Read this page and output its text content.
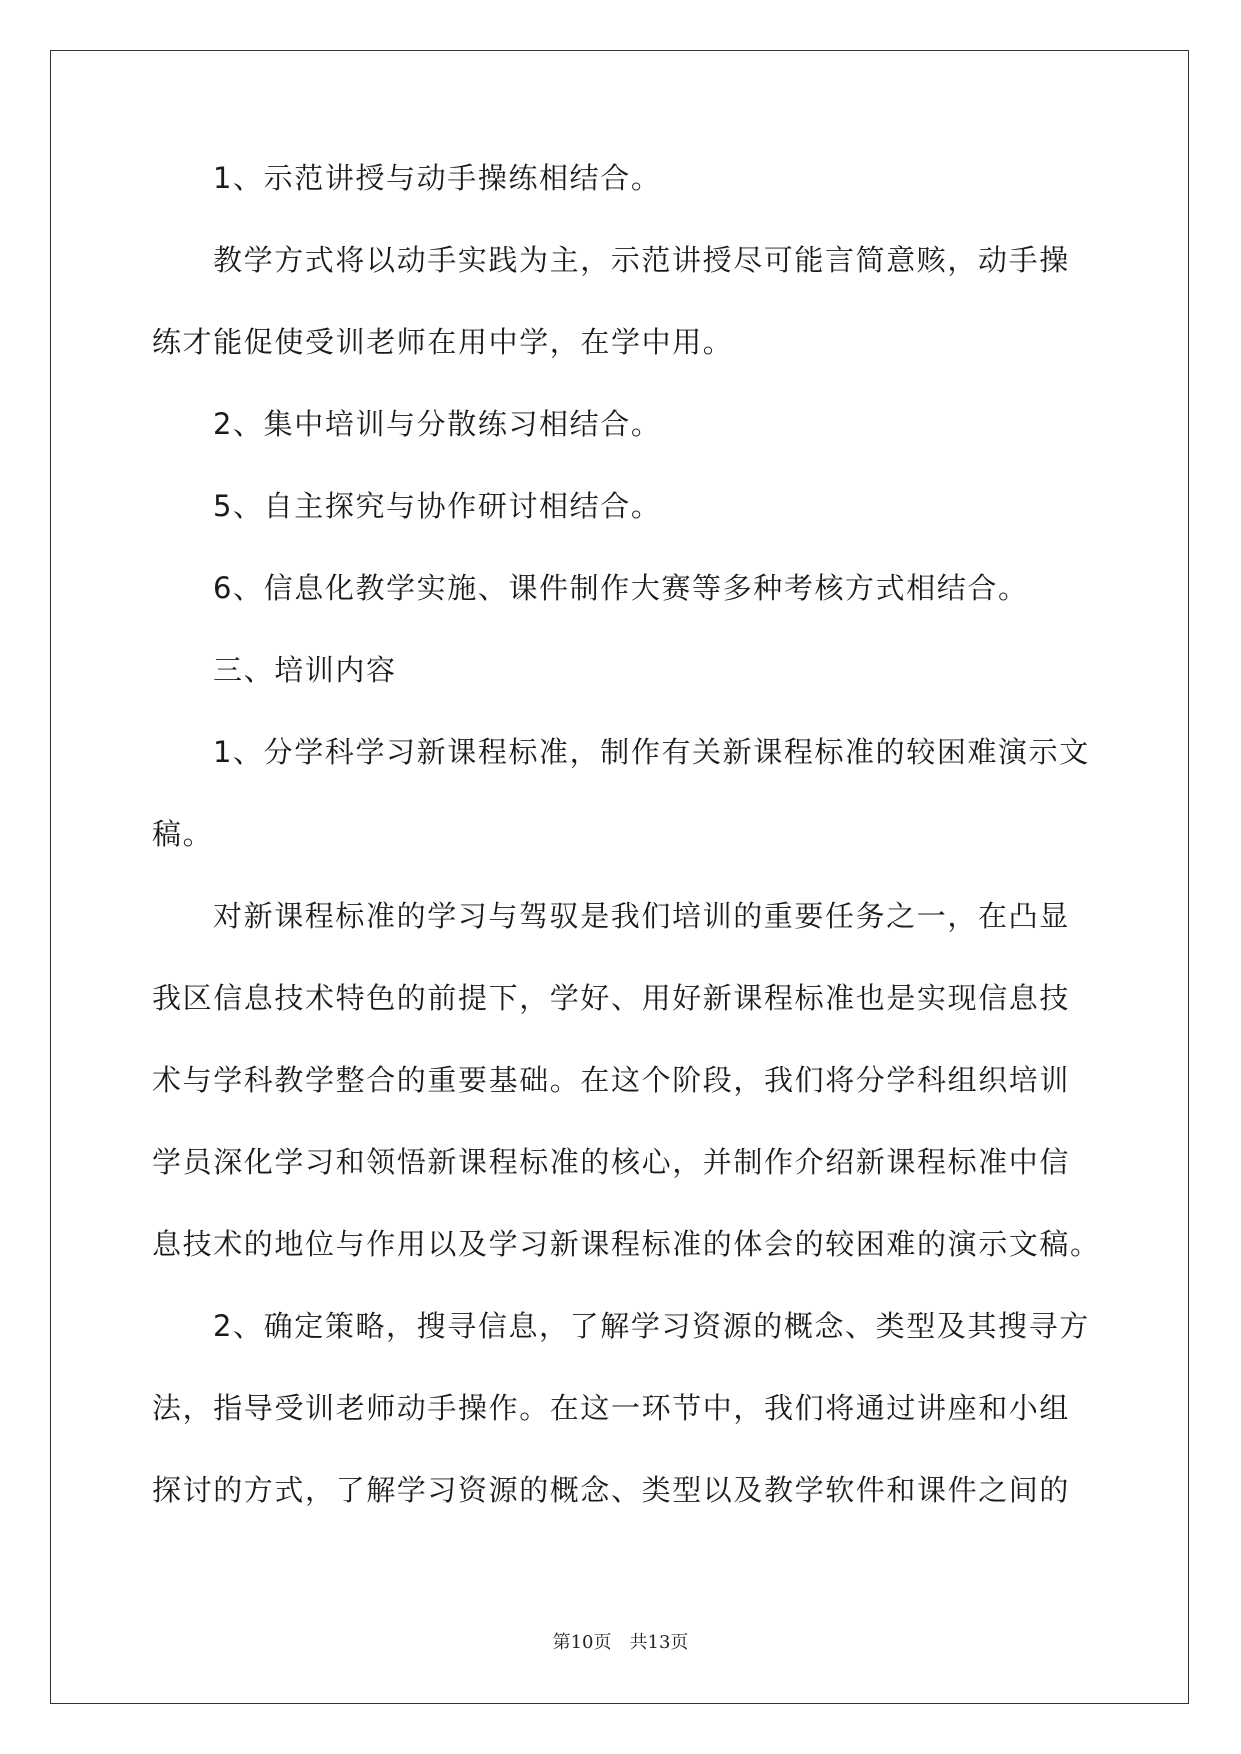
1、示范讲授与动手操练相结合。
教学方式将以动手实践为主，示范讲授尽可能言简意赅，动手操
练才能促使受训老师在用中学，在学中用。
2、集中培训与分散练习相结合。
5、自主探究与协作研讨相结合。
6、信息化教学实施、课件制作大赛等多种考核方式相结合。
三、培训内容
1、分学科学习新课程标准，制作有关新课程标准的较困难演示文
稿。
对新课程标准的学习与驾驭是我们培训的重要任务之一，在凸显
我区信息技术特色的前提下，学好、用好新课程标准也是实现信息技
术与学科教学整合的重要基础。在这个阶段，我们将分学科组织培训
学员深化学习和领悟新课程标准的核心，并制作介绍新课程标准中信
息技术的地位与作用以及学习新课程标准的体会的较困难的演示文稿。
2、确定策略，搜寻信息，了解学习资源的概念、类型及其搜寻方
法，指导受训老师动手操作。在这一环节中，我们将通过讲座和小组
探讨的方式，了解学习资源的概念、类型以及教学软件和课件之间的
第10页　共13页
